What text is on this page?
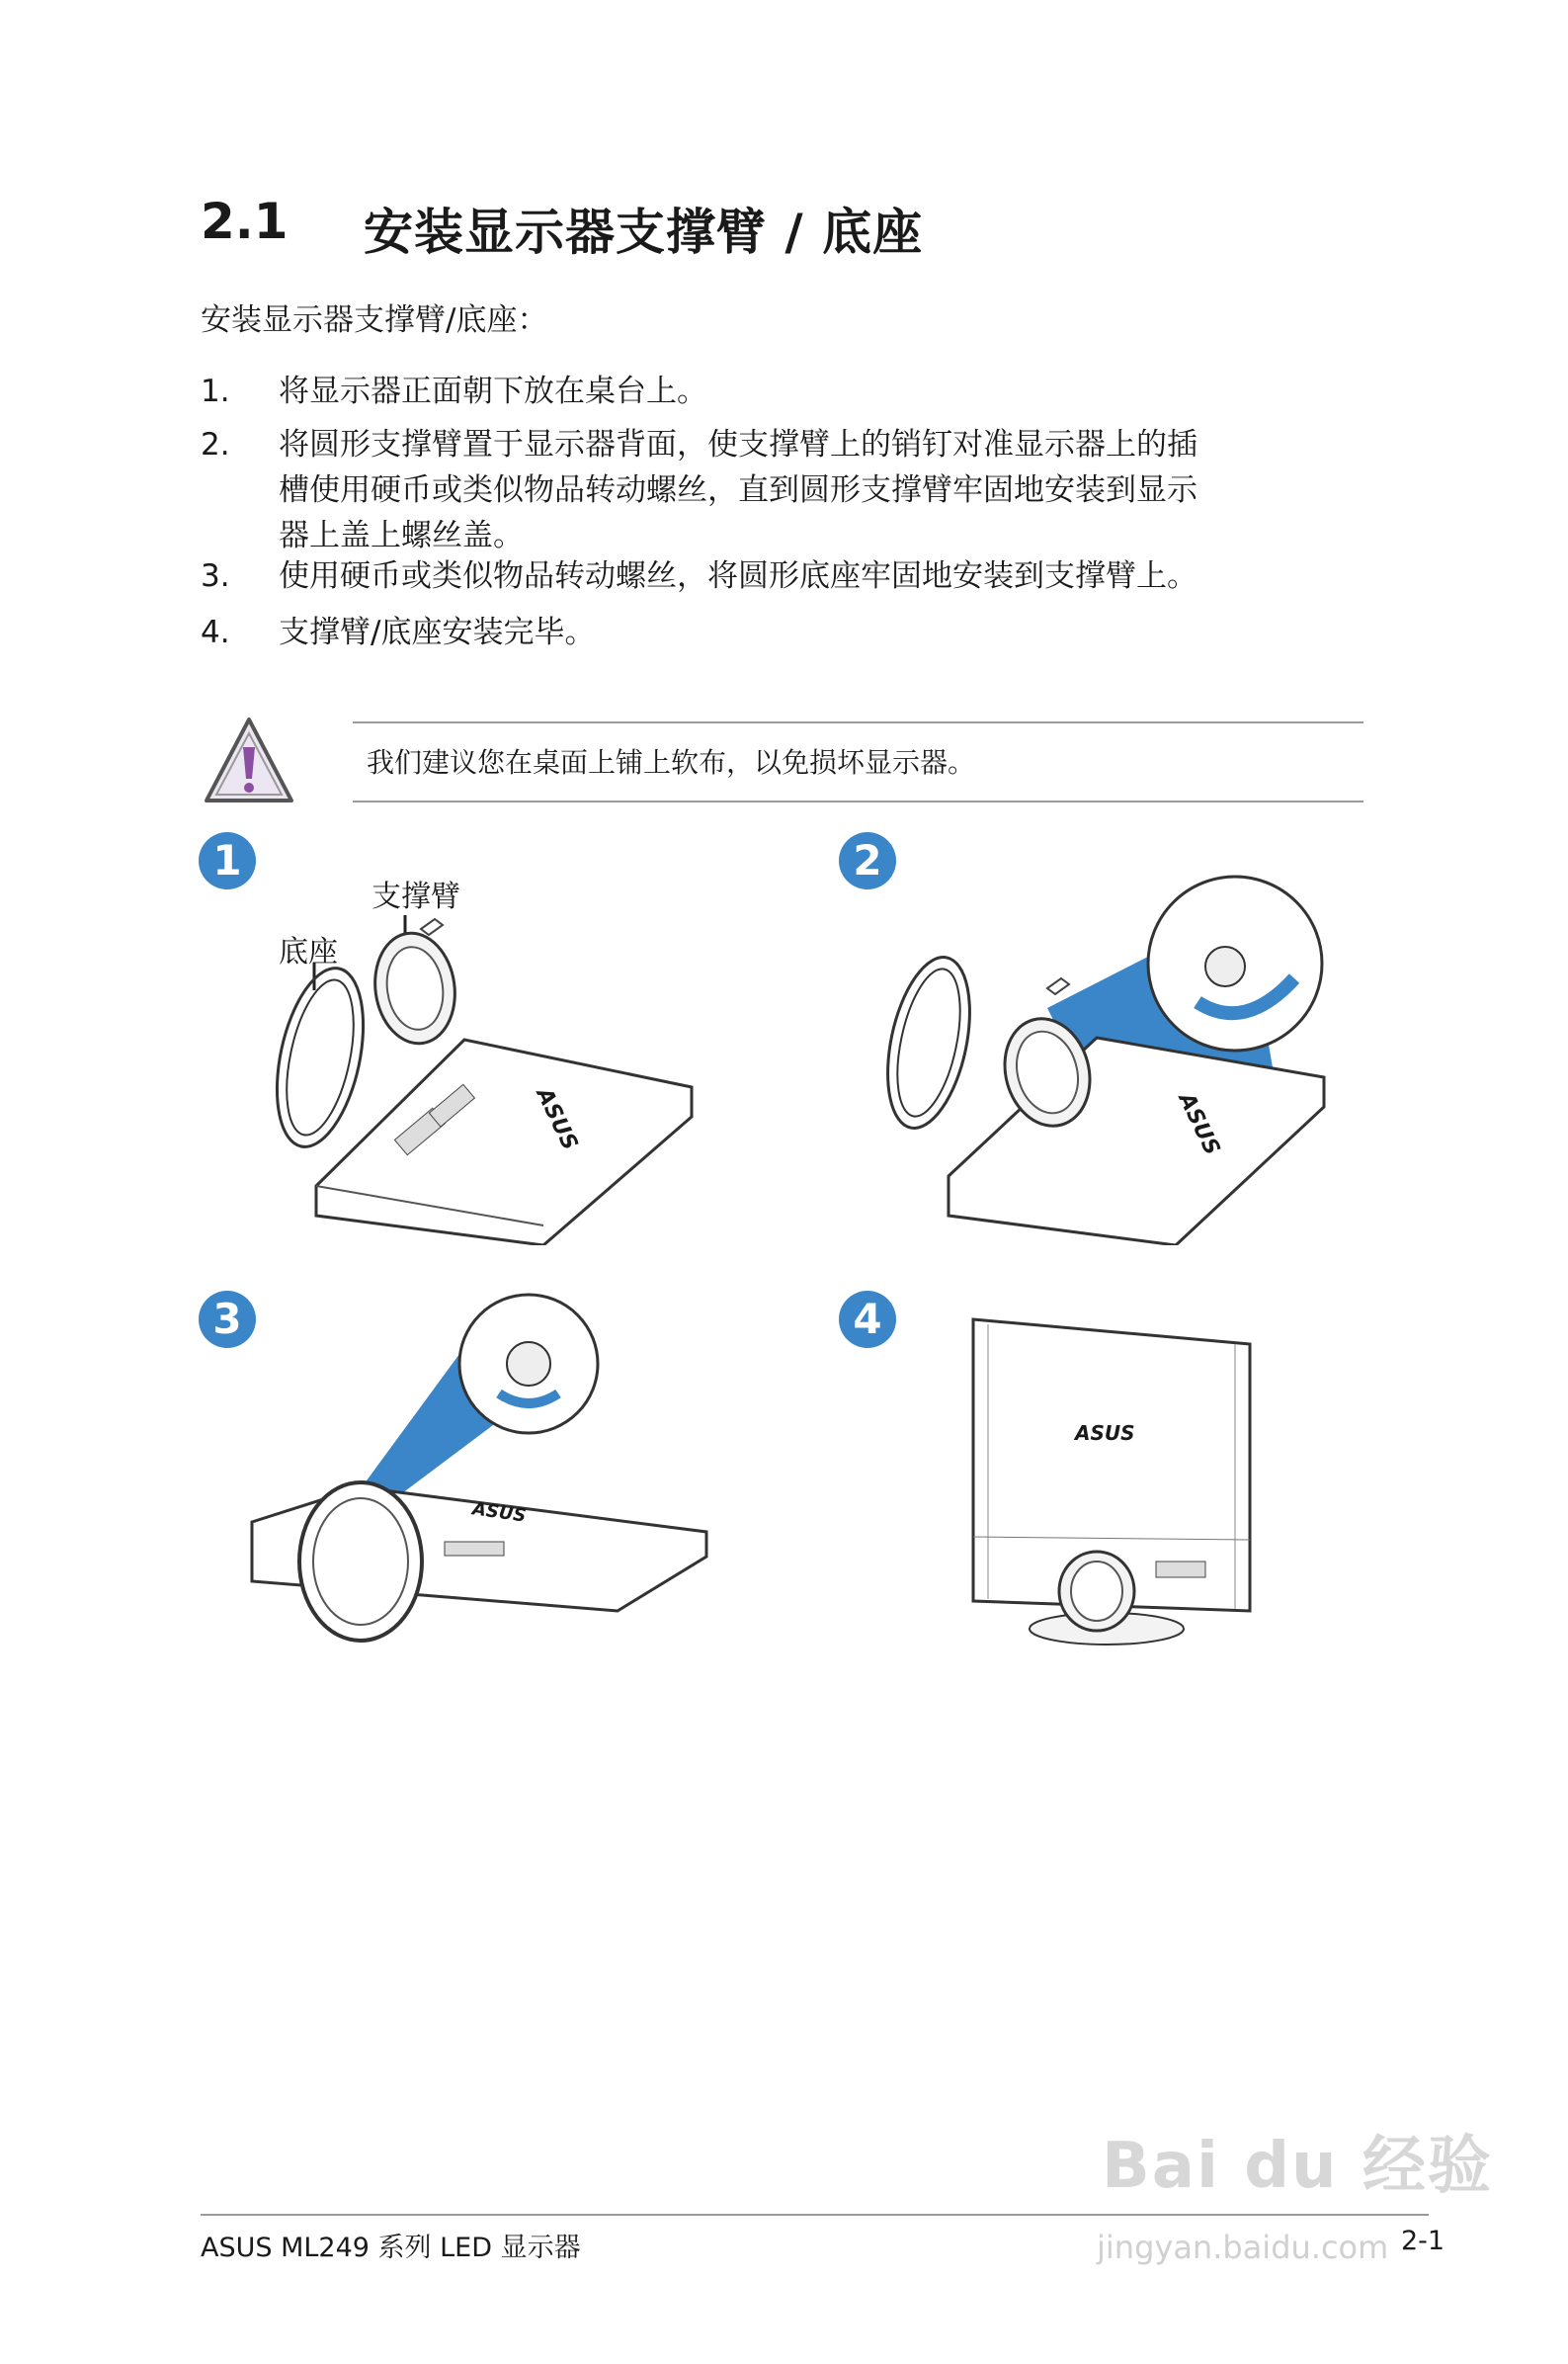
2.1 安装显示器支撑臂 / 底座
安装显示器支撑臂/底座：
1. 将显示器正面朝下放在桌台上。
2. 将圆形支撑臂置于显示器背面，使支撑臂上的销钉对准显示器上的插
槽使用硬币或类似物品转动螺丝，直到圆形支撑臂牢固地安装到显示
器上盖上螺丝盖。
3. 使用硬币或类似物品转动螺丝，将圆形底座牢固地安装到支撑臂上。
4. 支撑臂/底座安装完毕。
我们建议您在桌面上铺上软布，以免损坏显示器。
1	2
3	4
支撑臂
底座
ASUS	ASUS
ASUS
ASUS
Bai du 经验
jingyan.baidu.com
ASUS ML249 系列 LED 显示器	2-1
